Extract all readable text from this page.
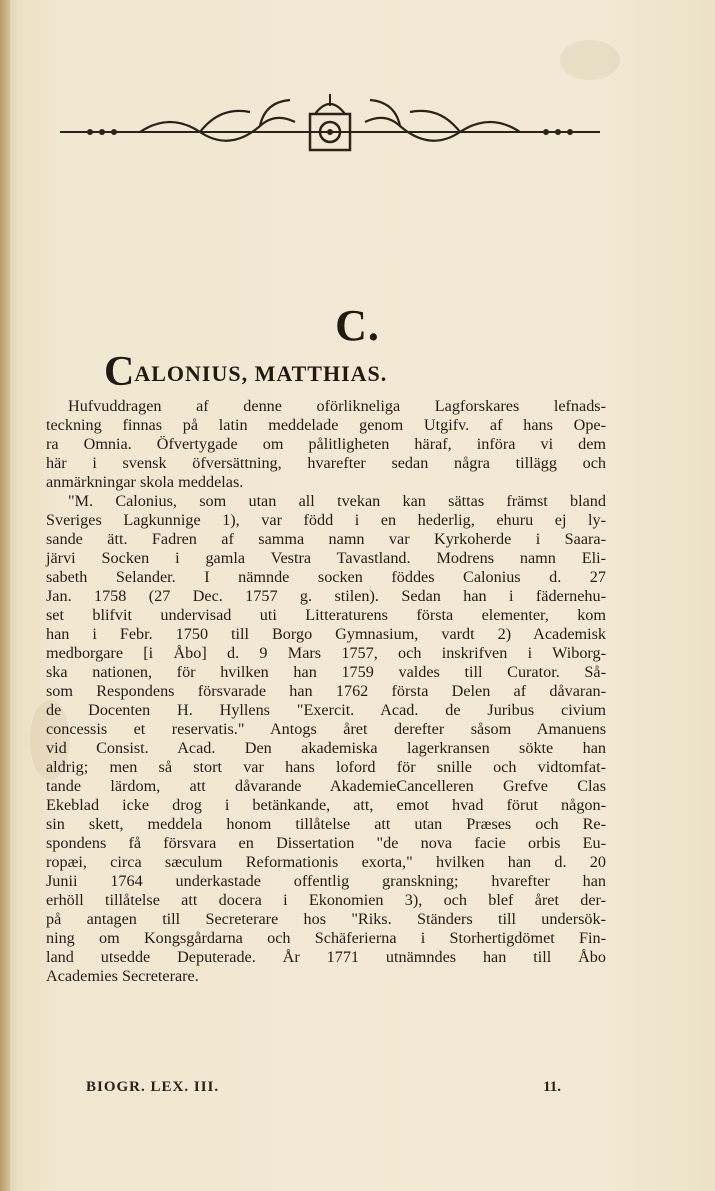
C.
CALONIUS, MATTHIAS.
Hufvuddragen af denne oförlikneliga Lagforskares lefnads-
teckning finnas på latin meddelade genom Utgifv. af hans Ope-
ra Omnia. Öfvertygade om pålitligheten häraf, införa vi dem
här i svensk öfversättning, hvarefter sedan några tillägg och
anmärkningar skola meddelas.
"M. Calonius, som utan all tvekan kan sättas främst bland
Sveriges Lagkunnige 1), var född i en hederlig, ehuru ej ly-
sande ätt. Fadren af samma namn var Kyrkoherde i Saara-
järvi Socken i gamla Vestra Tavastland. Modrens namn Eli-
sabeth Selander. I nämnde socken föddes Calonius d. 27
Jan. 1758 (27 Dec. 1757 g. stilen). Sedan han i fädernehu-
set blifvit undervisad uti Litteraturens första elementer, kom
han i Febr. 1750 till Borgo Gymnasium, vardt 2) Academisk
medborgare [i Åbo] d. 9 Mars 1757, och inskrifven i Wiborg-
ska nationen, för hvilken han 1759 valdes till Curator. Så-
som Respondens försvarade han 1762 första Delen af dåvaran-
de Docenten H. Hyllens "Exercit. Acad. de Juribus civium
concessis et reservatis." Antogs året derefter såsom Amanuens
vid Consist. Acad. Den akademiska lagerkransen sökte han
aldrig; men så stort var hans loford för snille och vidtomfat-
tande lärdom, att dåvarande AkademieCancelleren Grefve Clas
Ekeblad icke drog i betänkande, att, emot hvad förut någon-
sin skett, meddela honom tillåtelse att utan Præses och Re-
spondens få försvara en Dissertation "de nova facie orbis Eu-
ropæi, circa sæculum Reformationis exorta," hvilken han d. 20
Junii 1764 underkastade offentlig granskning; hvarefter han
erhöll tillåtelse att docera i Ekonomien 3), och blef året der-
på antagen till Secreterare hos "Riks. Ständers till undersök-
ning om Kongsgårdarna och Schäferierna i Storhertigdömet Fin-
land utsedde Deputerade. År 1771 utnämndes han till Åbo
Academies Secreterare.
BIOGR. LEX. III.	11.
